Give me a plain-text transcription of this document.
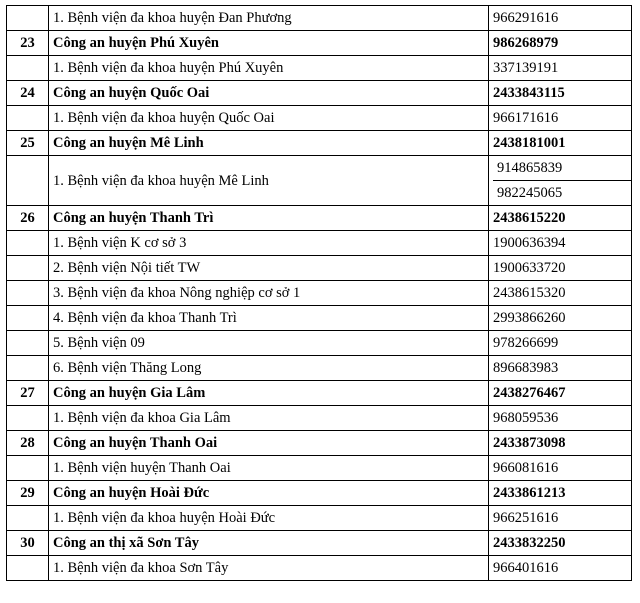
	1. Bệnh viện đa khoa huyện Đan Phương	966291616
23	Công an huyện Phú Xuyên	986268979
	1. Bệnh viện đa khoa huyện Phú Xuyên	337139191
24	Công an huyện Quốc Oai	2433843115
	1. Bệnh viện đa khoa huyện Quốc Oai	966171616
25	Công an huyện Mê Linh	2438181001
	1. Bệnh viện đa khoa huyện Mê Linh	914865839
982245065

26	Công an huyện Thanh Trì	2438615220
	1. Bệnh viện K cơ sở 3	1900636394
	2. Bệnh viện Nội tiết TW	1900633720
	3. Bệnh viện đa khoa Nông nghiệp cơ sở 1	2438615320
	4. Bệnh viện đa khoa Thanh Trì	2993866260
	5. Bệnh viện 09	978266699
	6. Bệnh viện Thăng Long	896683983
27	Công an huyện Gia Lâm	2438276467
	1. Bệnh viện đa khoa Gia Lâm	968059536
28	Công an huyện Thanh Oai	2433873098
	1. Bệnh viện huyện Thanh Oai	966081616
29	Công an huyện Hoài Đức	2433861213
	1. Bệnh viện đa khoa huyện Hoài Đức	966251616
30	Công an thị xã Sơn Tây	2433832250
	1. Bệnh viện đa khoa Sơn Tây	966401616
